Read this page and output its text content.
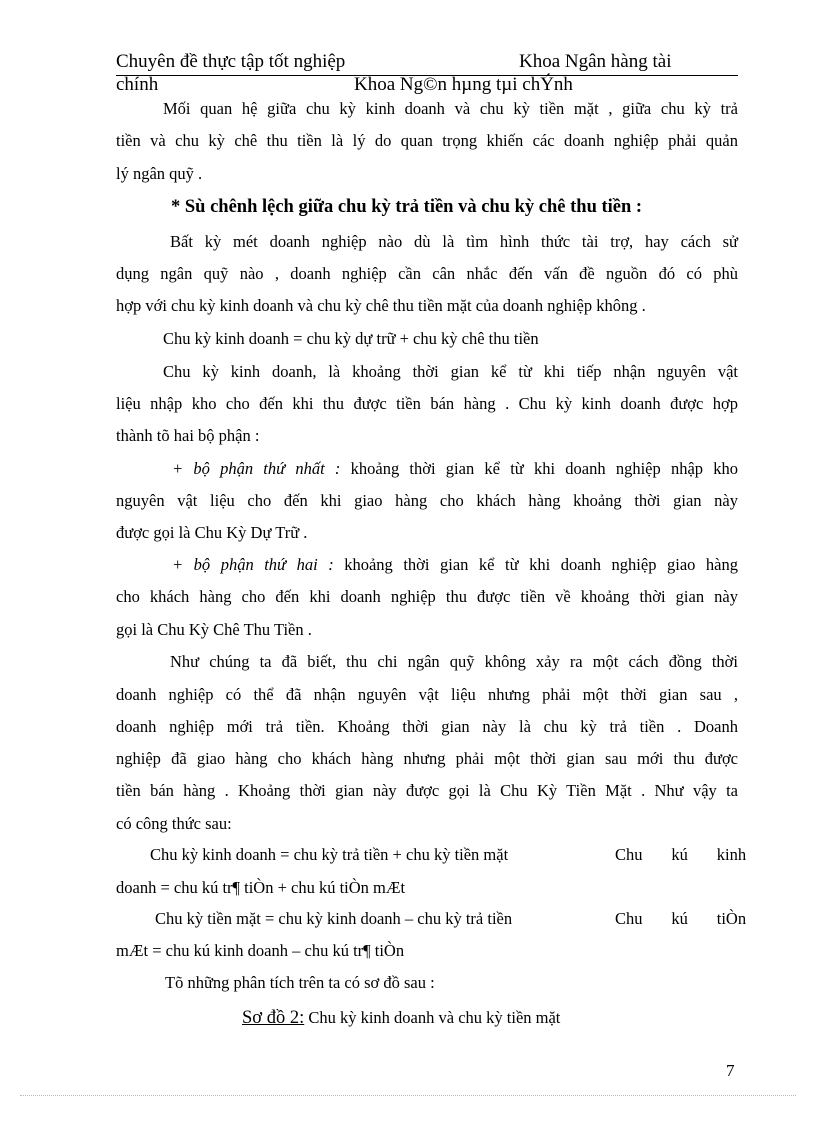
Chuyên đề thực tập tốt nghiệp	Khoa Ngân hàng tài
chính	Khoa Ng©n hµng tµi chÝnh
Mối quan hệ giữa chu kỳ kinh doanh và chu kỳ tiền mặt , giữa chu kỳ trả
tiền và chu kỳ chê thu tiền là lý do quan trọng khiến các doanh nghiệp phải quản
lý ngân quỹ .
* Sù chênh lệch giữa chu kỳ trả tiền và chu kỳ chê thu tiền :
Bất kỳ mét doanh nghiệp nào dù là tìm hình thức tài trợ, hay cách sử
dụng ngân quỹ nào , doanh nghiệp cần cân nhắc đến vấn đề nguồn đó có phù
hợp với chu kỳ kinh doanh và chu kỳ chê thu tiền mặt của doanh nghiệp không .
Chu kỳ kinh doanh = chu kỳ dự trữ + chu kỳ chê thu tiền
Chu kỳ kinh doanh, là khoảng thời gian kể từ khi tiếp nhận nguyên vật
liệu nhập kho cho đến khi thu được tiền bán hàng . Chu kỳ kinh doanh được hợp
thành tõ hai bộ phận :
+ bộ phận thứ nhất : khoảng thời gian kể từ khi doanh nghiệp nhập kho
nguyên vật liệu cho đến khi giao hàng cho khách hàng khoảng thời gian này
được gọi là Chu Kỳ Dự Trữ .
+ bộ phận thứ hai : khoảng thời gian kể từ khi doanh nghiệp giao hàng
cho khách hàng cho đến khi doanh nghiệp thu được tiền về khoảng thời gian này
gọi là Chu Kỳ Chê Thu Tiền .
Như chúng ta đã biết, thu chi ngân quỹ không xảy ra một cách đồng thời
doanh nghiệp có thể đã nhận nguyên vật liệu nhưng phải một thời gian sau ,
doanh nghiệp mới trả tiền. Khoảng thời gian này là chu kỳ trả tiền . Doanh
nghiệp đã giao hàng cho khách hàng nhưng phải một thời gian sau mới thu được
tiền bán hàng . Khoảng thời gian này được gọi là Chu Kỳ Tiền Mặt . Như vậy ta
có công thức sau:
Chu kỳ kinh doanh = chu kỳ trả tiền + chu kỳ tiền mặt	Chu       kú       kinh
doanh = chu kú tr¶ tiÒn + chu kú tiÒn mÆt
Chu kỳ tiền mặt = chu kỳ kinh doanh – chu kỳ trả tiền	Chu       kú       tiÒn
mÆt = chu kú kinh doanh – chu kú tr¶ tiÒn
Tõ những phân tích trên ta có sơ đồ sau :
Sơ đồ 2: Chu kỳ kinh doanh và chu kỳ tiền mặt
7
